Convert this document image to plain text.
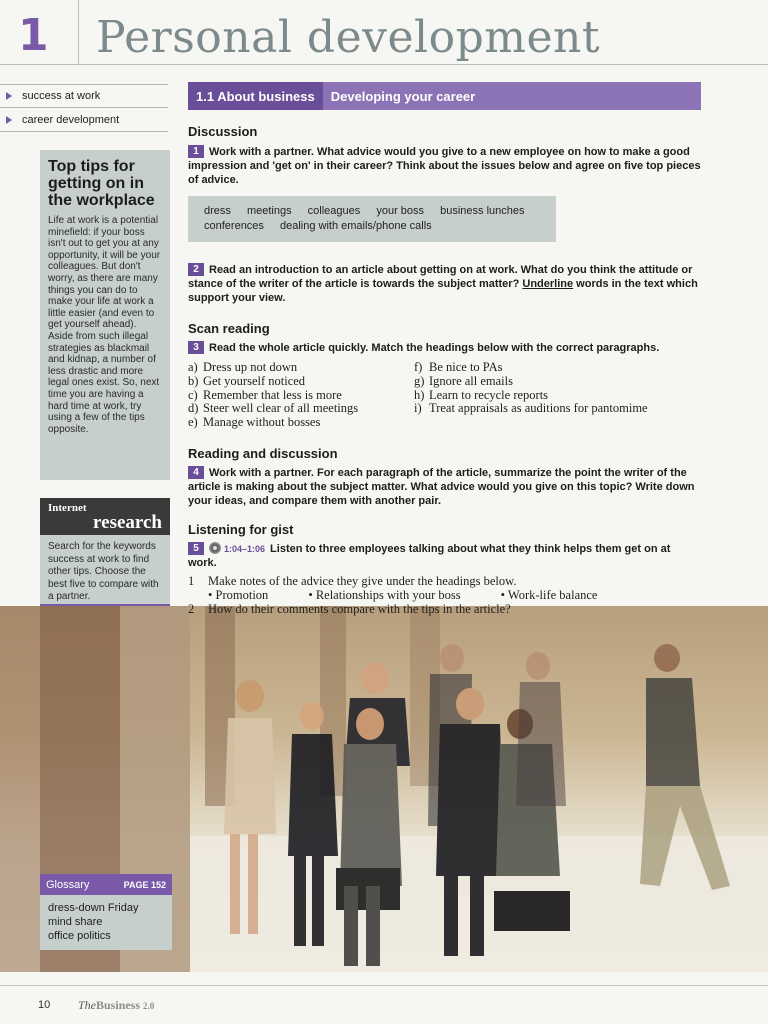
1 Personal development
success at work
career development
Top tips for getting on in the workplace

Life at work is a potential minefield: if your boss isn't out to get you at any opportunity, it will be your colleagues. But don't worry, as there are many things you can do to make your life at work a little easier (and even to get yourself ahead). Aside from such illegal strategies as blackmail and kidnap, a number of less drastic and more legal ones exist. So, next time you are having a hard time at work, try using a few of the tips opposite.

Internet
research

Search for the keywords success at work to find other tips. Choose the best five to compare with a partner.

Glossary	PAGE 152
dress-down Friday
mind share
office politics
1.1 About business	Developing your career
Discussion
1 Work with a partner. What advice would you give to a new employee on how to make a good impression and 'get on' in their career? Think about the issues below and agree on five top pieces of advice.
dress meetings colleagues your boss business lunches
conferences dealing with emails/phone calls
2 Read an introduction to an article about getting on at work. What do you think the attitude or stance of the writer of the article is towards the subject matter? Underline words in the text which support your view.
Scan reading
3 Read the whole article quickly. Match the headings below with the correct paragraphs.
a) Dress up not down
b) Get yourself noticed
c) Remember that less is more
d) Steer well clear of all meetings
e) Manage without bosses
f) Be nice to PAs
g) Ignore all emails
h) Learn to recycle reports
i) Treat appraisals as auditions for pantomime
Reading and discussion
4 Work with a partner. For each paragraph of the article, summarize the point the writer of the article is making about the subject matter. What advice would you give on this topic? Write down your ideas, and compare them with another pair.
Listening for gist
5	1:04–1:06 Listen to three employees talking about what they think helps them get on at work.
1	Make notes of the advice they give under the headings below.
• Promotion	• Relationships with your boss	• Work-life balance
2	How do their comments compare with the tips in the article?
10 TheBusiness 2.0
